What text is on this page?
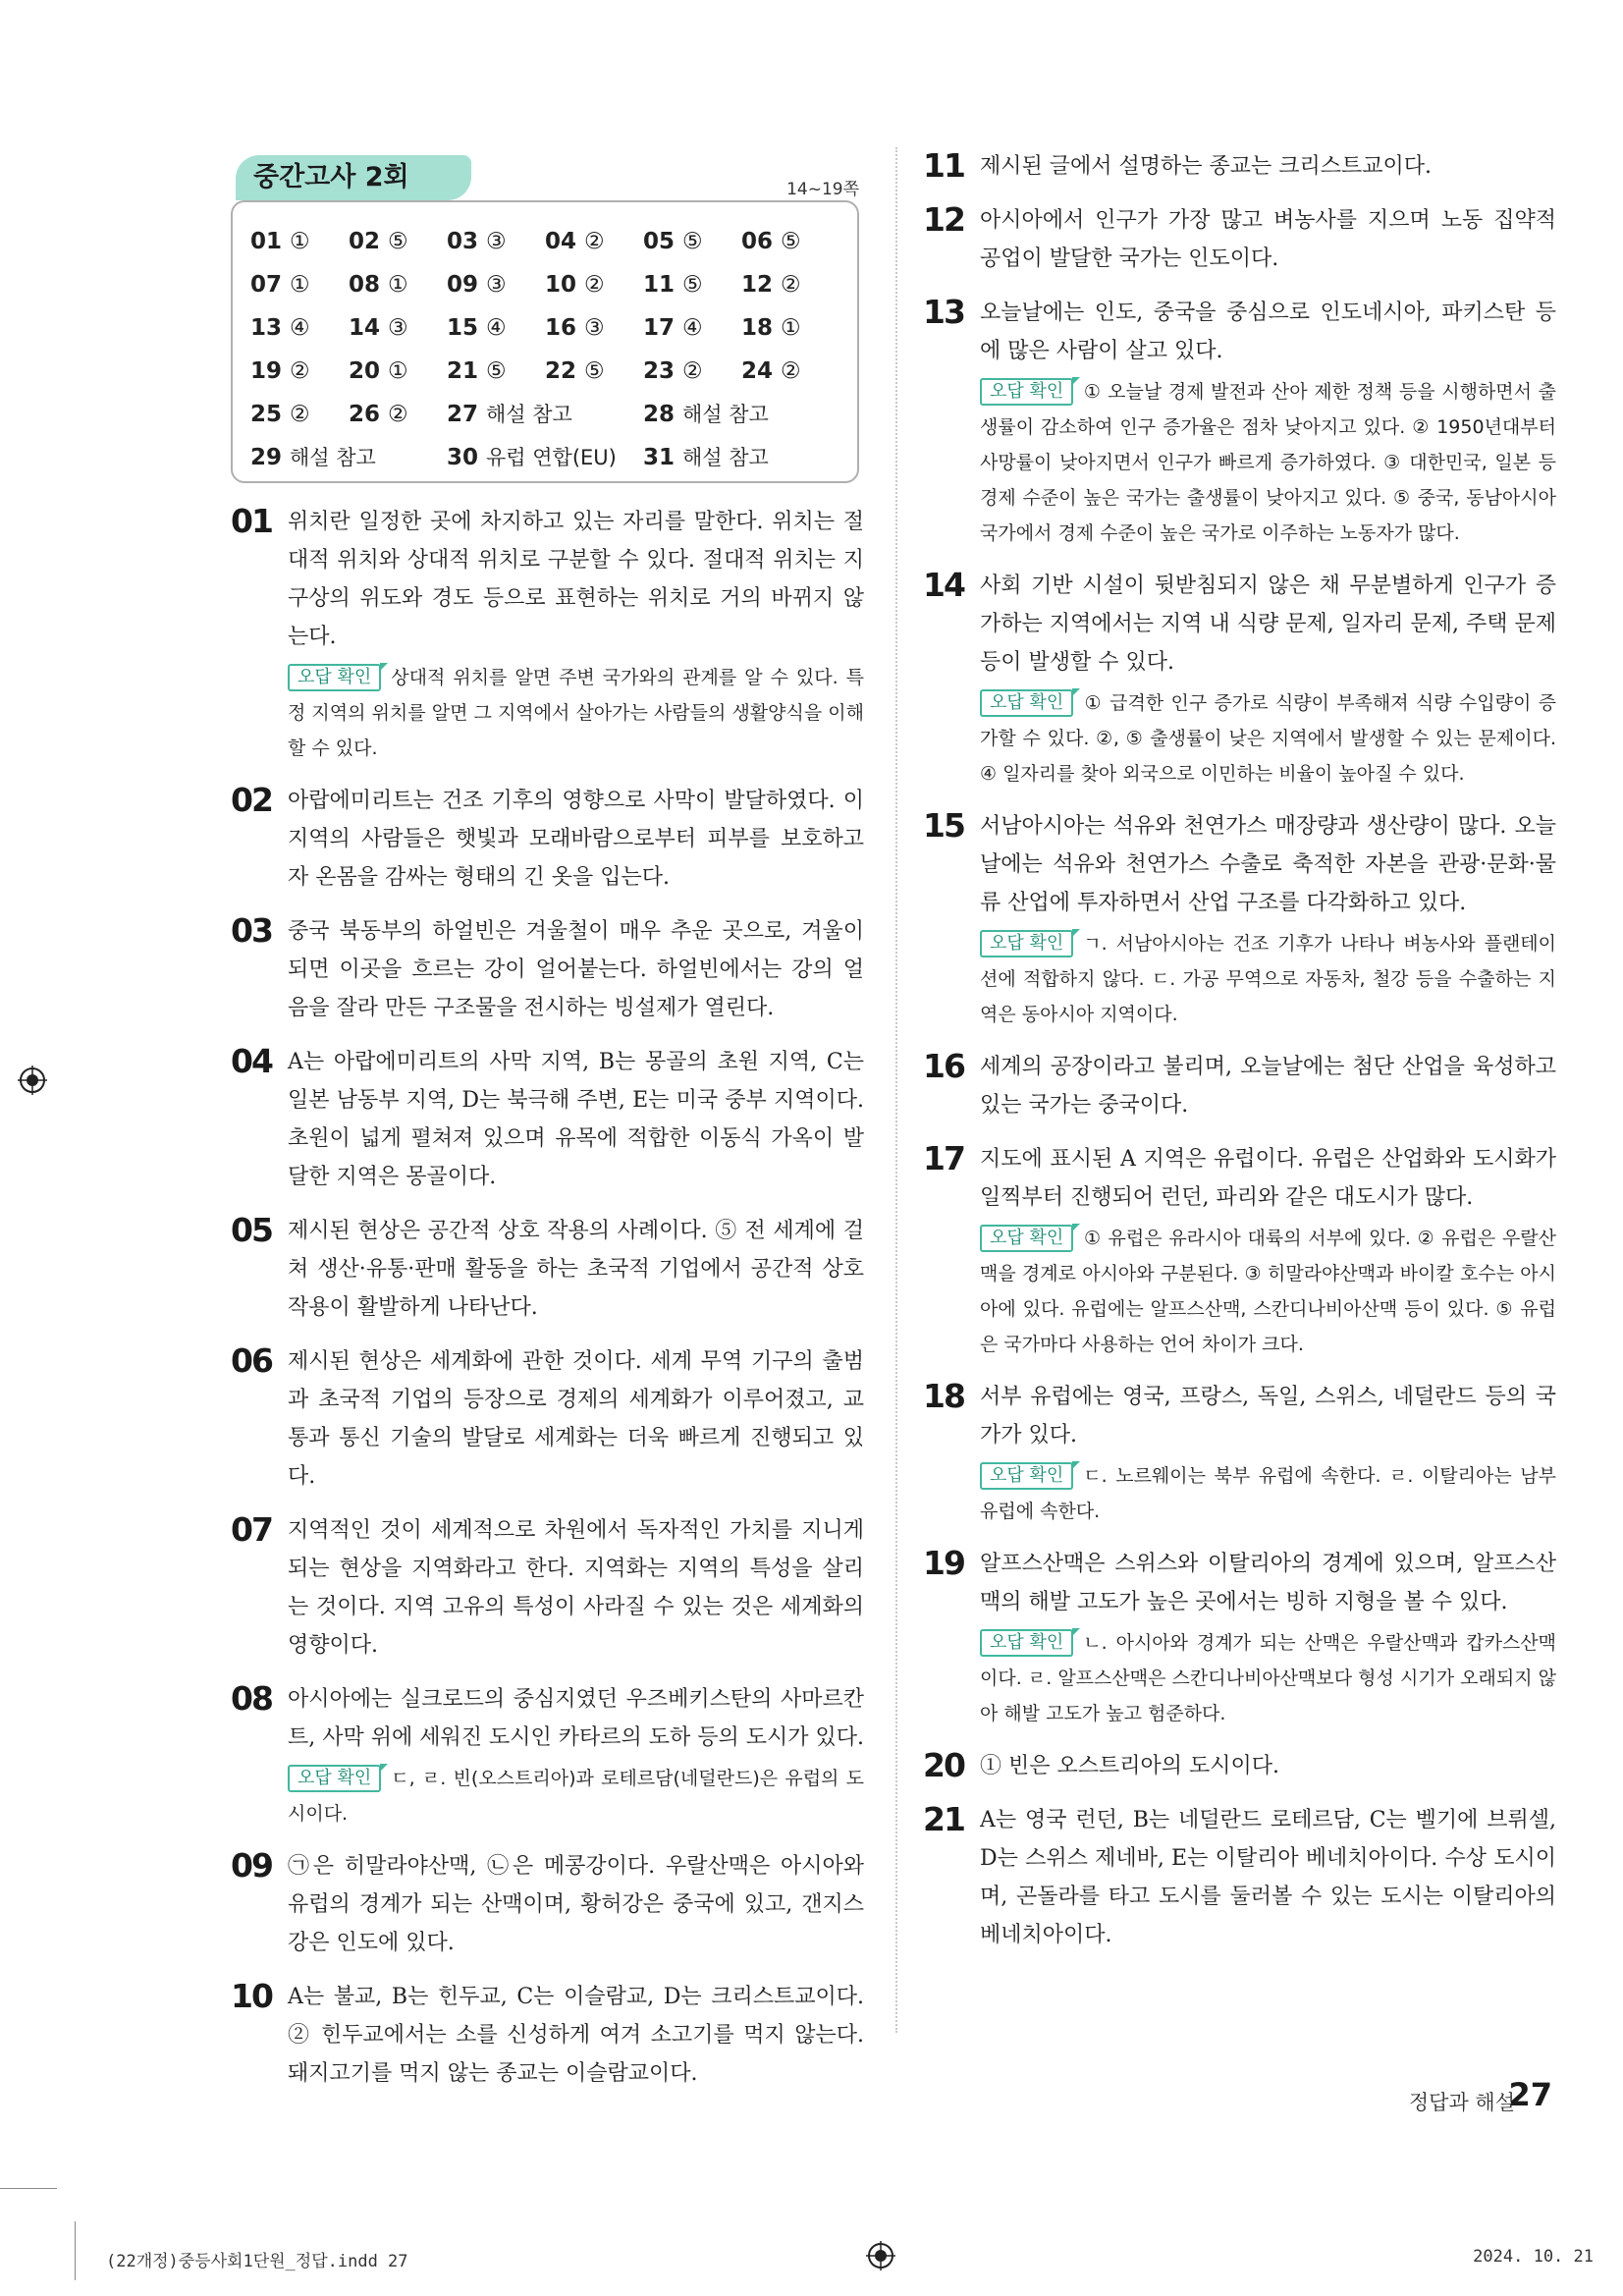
중간고사 2회	14~19쪽
01 ①	02 ⑤	03 ③	04 ②	05 ⑤	06 ⑤
07 ①	08 ①	09 ③	10 ②	11 ⑤	12 ②
13 ④	14 ③	15 ④	16 ③	17 ④	18 ①
19 ②	20 ①	21 ⑤	22 ⑤	23 ②	24 ②
25 ②	26 ②	27 해설 참고	28 해설 참고
29 해설 참고	30 유럽 연합(EU)	31 해설 참고
01 위치란 일정한 곳에 차지하고 있는 자리를 말한다. 위치는 절대적 위치와 상대적 위치로 구분할 수 있다. 절대적 위치는 지구상의 위도와 경도 등으로 표현하는 위치로 거의 바뀌지 않는다.
오답 확인 상대적 위치를 알면 주변 국가와의 관계를 알 수 있다. 특정 지역의 위치를 알면 그 지역에서 살아가는 사람들의 생활양식을 이해할 수 있다.
02 아랍에미리트는 건조 기후의 영향으로 사막이 발달하였다. 이 지역의 사람들은 햇빛과 모래바람으로부터 피부를 보호하고자 온몸을 감싸는 형태의 긴 옷을 입는다.
03 중국 북동부의 하얼빈은 겨울철이 매우 추운 곳으로, 겨울이 되면 이곳을 흐르는 강이 얼어붙는다. 하얼빈에서는 강의 얼음을 잘라 만든 구조물을 전시하는 빙설제가 열린다.
04 A는 아랍에미리트의 사막 지역, B는 몽골의 초원 지역, C는 일본 남동부 지역, D는 북극해 주변, E는 미국 중부 지역이다. 초원이 넓게 펼쳐져 있으며 유목에 적합한 이동식 가옥이 발달한 지역은 몽골이다.
05 제시된 현상은 공간적 상호 작용의 사례이다. ⑤ 전 세계에 걸쳐 생산·유통·판매 활동을 하는 초국적 기업에서 공간적 상호 작용이 활발하게 나타난다.
06 제시된 현상은 세계화에 관한 것이다. 세계 무역 기구의 출범과 초국적 기업의 등장으로 경제의 세계화가 이루어졌고, 교통과 통신 기술의 발달로 세계화는 더욱 빠르게 진행되고 있다.
07 지역적인 것이 세계적으로 차원에서 독자적인 가치를 지니게 되는 현상을 지역화라고 한다. 지역화는 지역의 특성을 살리는 것이다. 지역 고유의 특성이 사라질 수 있는 것은 세계화의 영향이다.
08 아시아에는 실크로드의 중심지였던 우즈베키스탄의 사마르칸트, 사막 위에 세워진 도시인 카타르의 도하 등의 도시가 있다.
오답 확인 ㄷ, ㄹ. 빈(오스트리아)과 로테르담(네덜란드)은 유럽의 도시이다.
09 ㉠은 히말라야산맥, ㉡은 메콩강이다. 우랄산맥은 아시아와 유럽의 경계가 되는 산맥이며, 황허강은 중국에 있고, 갠지스강은 인도에 있다.
10 A는 불교, B는 힌두교, C는 이슬람교, D는 크리스트교이다. ② 힌두교에서는 소를 신성하게 여겨 소고기를 먹지 않는다. 돼지고기를 먹지 않는 종교는 이슬람교이다.
11 제시된 글에서 설명하는 종교는 크리스트교이다.
12 아시아에서 인구가 가장 많고 벼농사를 지으며 노동 집약적 공업이 발달한 국가는 인도이다.
13 오늘날에는 인도, 중국을 중심으로 인도네시아, 파키스탄 등에 많은 사람이 살고 있다.
오답 확인 ① 오늘날 경제 발전과 산아 제한 정책 등을 시행하면서 출생률이 감소하여 인구 증가율은 점차 낮아지고 있다. ② 1950년대부터 사망률이 낮아지면서 인구가 빠르게 증가하였다. ③ 대한민국, 일본 등 경제 수준이 높은 국가는 출생률이 낮아지고 있다. ⑤ 중국, 동남아시아 국가에서 경제 수준이 높은 국가로 이주하는 노동자가 많다.
14 사회 기반 시설이 뒷받침되지 않은 채 무분별하게 인구가 증가하는 지역에서는 지역 내 식량 문제, 일자리 문제, 주택 문제 등이 발생할 수 있다.
오답 확인 ① 급격한 인구 증가로 식량이 부족해져 식량 수입량이 증가할 수 있다. ②, ⑤ 출생률이 낮은 지역에서 발생할 수 있는 문제이다. ④ 일자리를 찾아 외국으로 이민하는 비율이 높아질 수 있다.
15 서남아시아는 석유와 천연가스 매장량과 생산량이 많다. 오늘날에는 석유와 천연가스 수출로 축적한 자본을 관광·문화·물류 산업에 투자하면서 산업 구조를 다각화하고 있다.
오답 확인 ㄱ. 서남아시아는 건조 기후가 나타나 벼농사와 플랜테이션에 적합하지 않다. ㄷ. 가공 무역으로 자동차, 철강 등을 수출하는 지역은 동아시아 지역이다.
16 세계의 공장이라고 불리며, 오늘날에는 첨단 산업을 육성하고 있는 국가는 중국이다.
17 지도에 표시된 A 지역은 유럽이다. 유럽은 산업화와 도시화가 일찍부터 진행되어 런던, 파리와 같은 대도시가 많다.
오답 확인 ① 유럽은 유라시아 대륙의 서부에 있다. ② 유럽은 우랄산맥을 경계로 아시아와 구분된다. ③ 히말라야산맥과 바이칼 호수는 아시아에 있다. 유럽에는 알프스산맥, 스칸디나비아산맥 등이 있다. ⑤ 유럽은 국가마다 사용하는 언어 차이가 크다.
18 서부 유럽에는 영국, 프랑스, 독일, 스위스, 네덜란드 등의 국가가 있다.
오답 확인 ㄷ. 노르웨이는 북부 유럽에 속한다. ㄹ. 이탈리아는 남부 유럽에 속한다.
19 알프스산맥은 스위스와 이탈리아의 경계에 있으며, 알프스산맥의 해발 고도가 높은 곳에서는 빙하 지형을 볼 수 있다.
오답 확인 ㄴ. 아시아와 경계가 되는 산맥은 우랄산맥과 캅카스산맥이다. ㄹ. 알프스산맥은 스칸디나비아산맥보다 형성 시기가 오래되지 않아 해발 고도가 높고 험준하다.
20 ① 빈은 오스트리아의 도시이다.
21 A는 영국 런던, B는 네덜란드 로테르담, C는 벨기에 브뤼셀, D는 스위스 제네바, E는 이탈리아 베네치아이다. 수상 도시이며, 곤돌라를 타고 도시를 둘러볼 수 있는 도시는 이탈리아의 베네치아이다.
정답과 해설
27
(22개정)중등사회1단원_정답.indd 27	2024. 10. 21
